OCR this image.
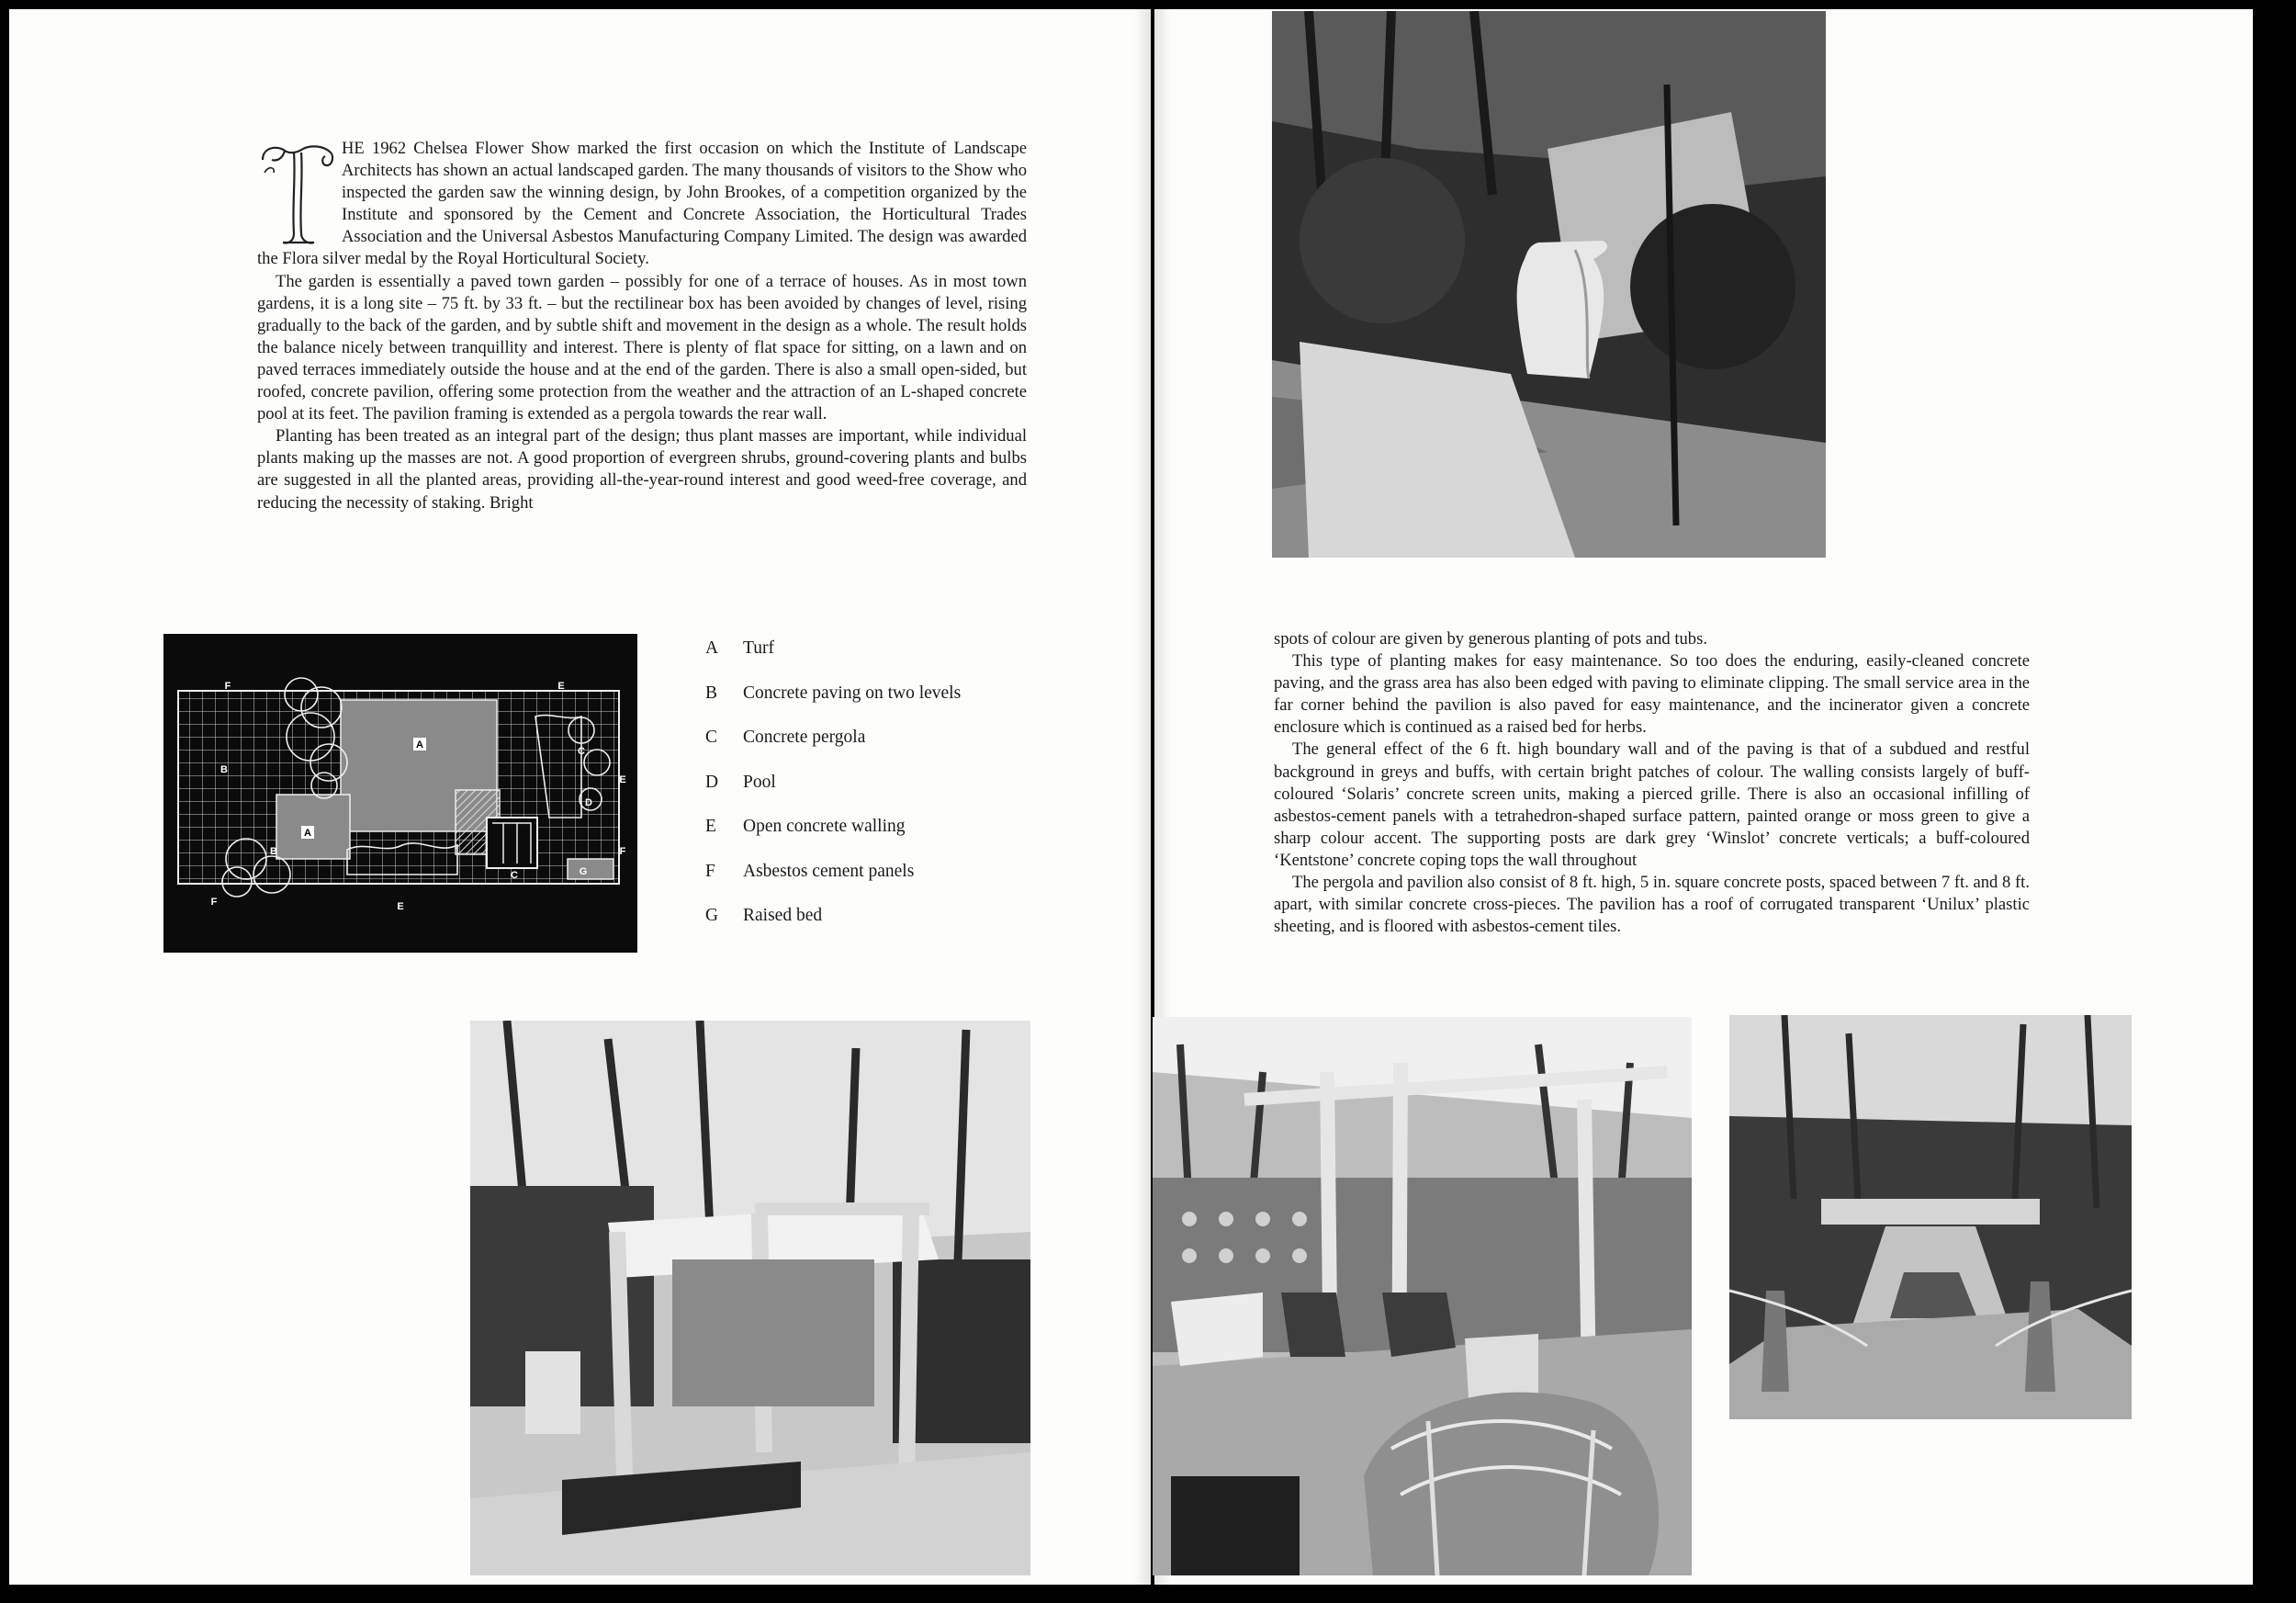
HE 1962 Chelsea Flower Show marked the first occasion on which the Institute of Landscape Architects has shown an actual landscaped garden. The many thousands of visitors to the Show who inspected the garden saw the winning design, by John Brookes, of a competition organized by the Institute and sponsored by the Cement and Concrete Association, the Horticultural Trades Association and the Universal Asbestos Manufacturing Company Limited. The design was awarded the Flora silver medal by the Royal Horticultural Society.

The garden is essentially a paved town garden – possibly for one of a terrace of houses. As in most town gardens, it is a long site – 75 ft. by 33 ft. – but the rectilinear box has been avoided by changes of level, rising gradually to the back of the garden, and by subtle shift and movement in the design as a whole. The result holds the balance nicely between tranquillity and interest. There is plenty of flat space for sitting, on a lawn and on paved terraces immediately outside the house and at the end of the garden. There is also a small open-sided, but roofed, concrete pavilion, offering some protection from the weather and the attraction of an L-shaped concrete pool at its feet. The pavilion framing is extended as a pergola towards the rear wall.

Planting has been treated as an integral part of the design; thus plant masses are important, while individual plants making up the masses are not. A good proportion of evergreen shrubs, ground-covering plants and bulbs are suggested in all the planted areas, providing all-the-year-round interest and good weed-free coverage, and reducing the necessity of staking. Bright

spots of colour are given by generous planting of pots and tubs.

This type of planting makes for easy maintenance. So too does the enduring, easily-cleaned concrete paving, and the grass area has also been edged with paving to eliminate clipping. The small service area in the far corner behind the pavilion is also paved for easy maintenance, and the incinerator given a concrete enclosure which is continued as a raised bed for herbs.

The general effect of the 6 ft. high boundary wall and of the paving is that of a subdued and restful background in greys and buffs, with certain bright patches of colour. The walling consists largely of buff-coloured ‘Solaris’ concrete screen units, making a pierced grille. There is also an occasional infilling of asbestos-cement panels with a tetrahedron-shaped surface pattern, painted orange or moss green to give a sharp colour accent. The supporting posts are dark grey ‘Winslot’ concrete verticals; a buff-coloured ‘Kentstone’ concrete coping tops the wall throughout

The pergola and pavilion also consist of 8 ft. high, 5 in. square concrete posts, spaced between 7 ft. and 8 ft. apart, with similar concrete cross-pieces. The pavilion has a roof of corrugated transparent ‘Unilux’ plastic sheeting, and is floored with asbestos-cement tiles.

A
A
B
B
C
C
D
E
E
E
F
F
F
G
A	Turf
B	Concrete paving on two levels
C	Concrete pergola
D	Pool
E	Open concrete walling
F	Asbestos cement panels
G	Raised bed
